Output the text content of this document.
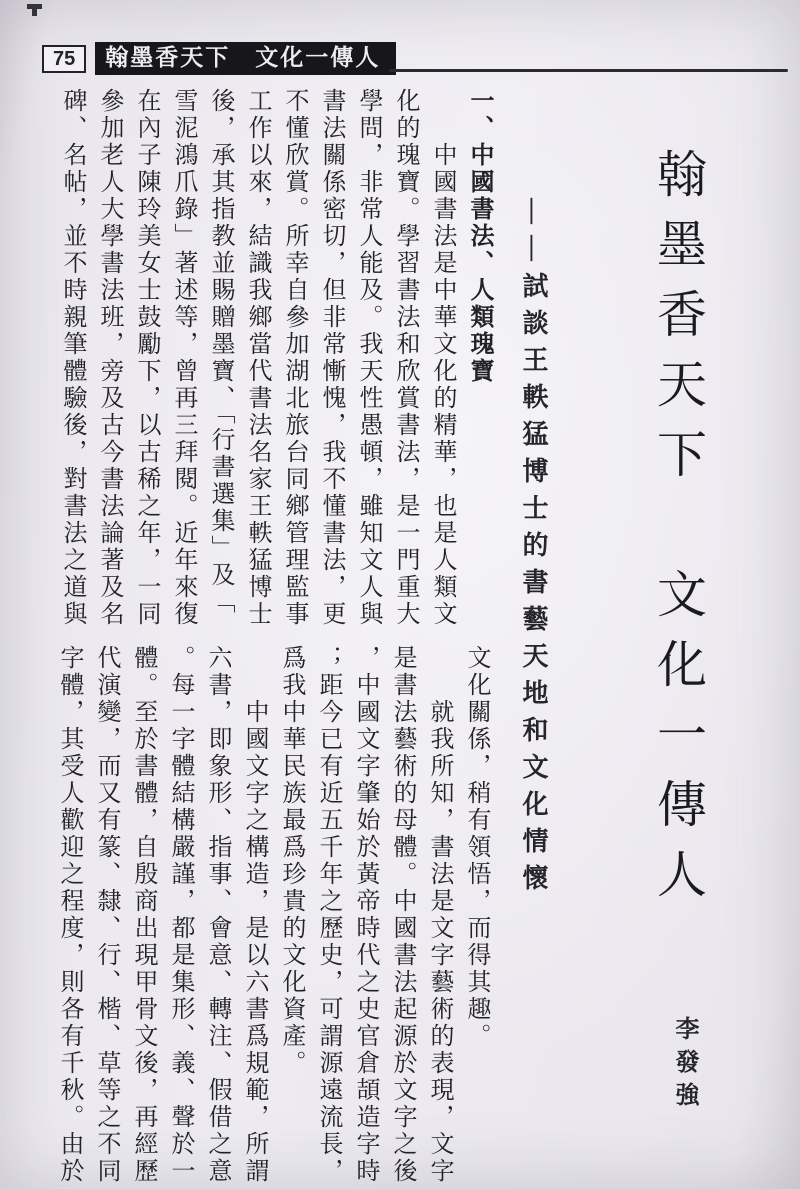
75 翰墨香天下　文化一傳人
翰墨香天下　文化一傳人
——試談王軼猛博士的書藝天地和文化情懷
李發強
一、中國書法、人類瑰寶

中國書法是中華文化的精華，也是人類文化的瑰寶。學習書法和欣賞書法，是一門重大學問，非常人能及。我天性愚頓，雖知文人與書法關係密切，但非常慚愧，我不懂書法，更不懂欣賞。所幸自參加湖北旅台同鄉管理監事工作以來，結識我鄉當代書法名家王軼猛博士後，承其指教並賜贈墨寶、「行書選集」及「雪泥鴻爪錄」著述等，曾再三拜閱。近年來復在內子陳玲美女士鼓勵下，以古稀之年，一同參加老人大學書法班，旁及古今書法論著及名碑、名帖，並不時親筆體驗後，對書法之道與

文化關係，稍有領悟，而得其趣。

就我所知，書法是文字藝術的表現，文字是書法藝術的母體。中國書法起源於文字之後，中國文字肇始於黃帝時代之史官倉頡造字時；距今已有近五千年之歷史，可謂源遠流長，爲我中華民族最爲珍貴的文化資產。

中國文字之構造，是以六書爲規範，所謂六書，即象形、指事、會意、轉注、假借之意。每一字體結構嚴謹，都是集形、義、聲於一體。至於書體，自殷商出現甲骨文後，再經歷代演變，而又有篆、隸、行、楷、草等之不同字體，其受人歡迎之程度，則各有千秋。由於
